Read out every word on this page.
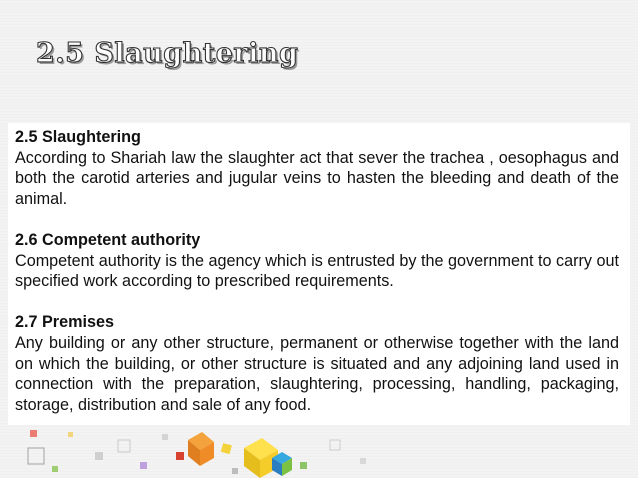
2.5 Slaughtering
2.5 Slaughtering

According to Shariah law the slaughter act that sever the trachea , oesophagus and both the carotid arteries and jugular veins to hasten the bleeding and death of the animal.

2.6 Competent authority

Competent authority is the agency which is entrusted by the government to carry out specified work according to prescribed requirements.

2.7 Premises

Any building or any other structure, permanent or otherwise together with the land on which the building, or other structure is situated and any adjoining land used in connection with the preparation, slaughtering, processing, handling, packaging, storage, distribution and sale of any food.
